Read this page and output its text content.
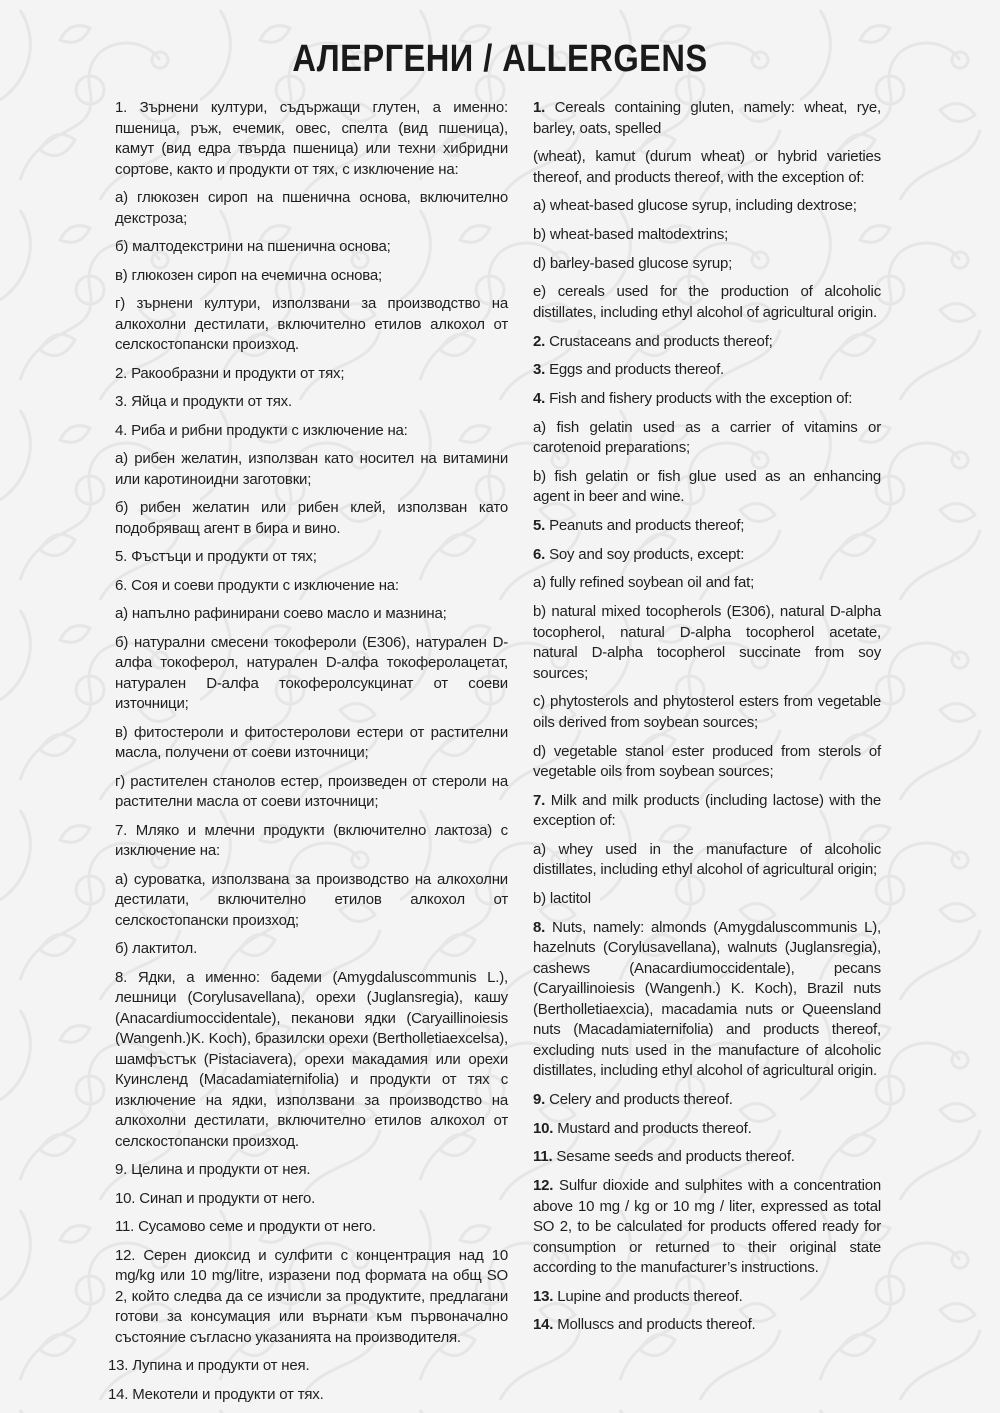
АЛЕРГЕНИ / ALLERGENS

1. Зърнени култури, съдържащи глутен, а именно: пшеница, ръж, ечемик, овес, спелта (вид пшеница), камут (вид едра твърда пшеница) или техни хибридни сортове, както и продукти от тях, с изключение на:

а) глюкозен сироп на пшенична основа, включително декстроза;

б) малтодекстрини на пшенична основа;

в) глюкозен сироп на ечемична основа;

г) зърнени култури, използвани за производство на алкохолни дестилати, включително етилов алкохол от селскостопански произход.

2. Ракообразни и продукти от тях;

3. Яйца и продукти от тях.

4. Риба и рибни продукти с изключение на:

а) рибен желатин, използван като носител на витамини или каротиноидни заготовки;

б) рибен желатин или рибен клей, използван като подобряващ агент в бира и вино.

5. Фъстъци и продукти от тях;

6. Соя и соеви продукти с изключение на:

а) напълно рафинирани соево масло и мазнина;

б) натурални смесени токофероли (Е306), натурален D-алфа токоферол, натурален D-алфа токоферолацетат, натурален D-алфа токоферолсукцинат от соеви източници;

в) фитостероли и фитостеролови естери от растителни масла, получени от соеви източници;

г) растителен станолов естер, произведен от стероли на растителни масла от соеви източници;

7. Мляко и млечни продукти (включително лактоза) с изключение на:

а) суроватка, използвана за производство на алкохолни дестилати, включително етилов алкохол от селскостопански произход;

б) лактитол.

8. Ядки, а именно: бадеми (Amygdaluscommunis L.), лешници (Corylusavellana), орехи (Juglansregia), кашу (Anacardiumoccidentale), пеканови ядки (Caryaillinoiesis (Wangenh.)K. Koch), бразилски орехи (Bertholletiaexcelsa), шамфъстък (Pistaciavera), орехи макадамия или орехи Куинсленд (Macadamiaternifolia) и продукти от тях с изключение на ядки, използвани за производство на алкохолни дестилати, включително етилов алкохол от селскостопански произход.

9. Целина и продукти от нея.

10. Синап и продукти от него.

11. Сусамово семе и продукти от него.

12. Серен диоксид и сулфити с концентрация над 10 mg/kg или 10 mg/litre, изразени под формата на общ SO 2, който следва да се изчисли за продуктите, предлагани готови за консумация или върнати към първоначално състояние съгласно указанията на производителя.

13. Лупина и продукти от нея.

14. Мекотели и продукти от тях.

1. Cereals containing gluten, namely: wheat, rye, barley, oats, spelled

(wheat), kamut (durum wheat) or hybrid varieties thereof, and products thereof, with the exception of:

a) wheat-based glucose syrup, including dextrose;

b) wheat-based maltodextrins;

d) barley-based glucose syrup;

e) cereals used for the production of alcoholic distillates, including ethyl alcohol of agricultural origin.

2. Crustaceans and products thereof;

3. Eggs and products thereof.

4. Fish and fishery products with the exception of:

a) fish gelatin used as a carrier of vitamins or carotenoid preparations;

b) fish gelatin or fish glue used as an enhancing agent in beer and wine.

5. Peanuts and products thereof;

6. Soy and soy products, except:

a) fully refined soybean oil and fat;

b) natural mixed tocopherols (E306), natural D-alpha tocopherol, natural D-alpha tocopherol acetate, natural D-alpha tocopherol succinate from soy sources;

c) phytosterols and phytosterol esters from vegetable oils derived from soybean sources;

d) vegetable stanol ester produced from sterols of vegetable oils from soybean sources;

7. Milk and milk products (including lactose) with the exception of:

a) whey used in the manufacture of alcoholic distillates, including ethyl alcohol of agricultural origin;

b) lactitol

8. Nuts, namely: almonds (Amygdaluscommunis L), hazelnuts (Corylusavellana), walnuts (Juglansregia), cashews (Anacardiumoccidentale), pecans (Caryaillinoiesis (Wangenh.) K. Koch), Brazil nuts (Bertholletiaexcia), macadamia nuts or Queensland nuts (Macadamiaternifolia) and products thereof, excluding nuts used in the manufacture of alcoholic distillates, including ethyl alcohol of agricultural origin.

9. Celery and products thereof.

10. Mustard and products thereof.

11. Sesame seeds and products thereof.

12. Sulfur dioxide and sulphites with a concentration above 10 mg / kg or 10 mg / liter, expressed as total SO 2, to be calculated for products offered ready for consumption or returned to their original state according to the manufacturer’s instructions.

13. Lupine and products thereof.

14. Molluscs and products thereof.
